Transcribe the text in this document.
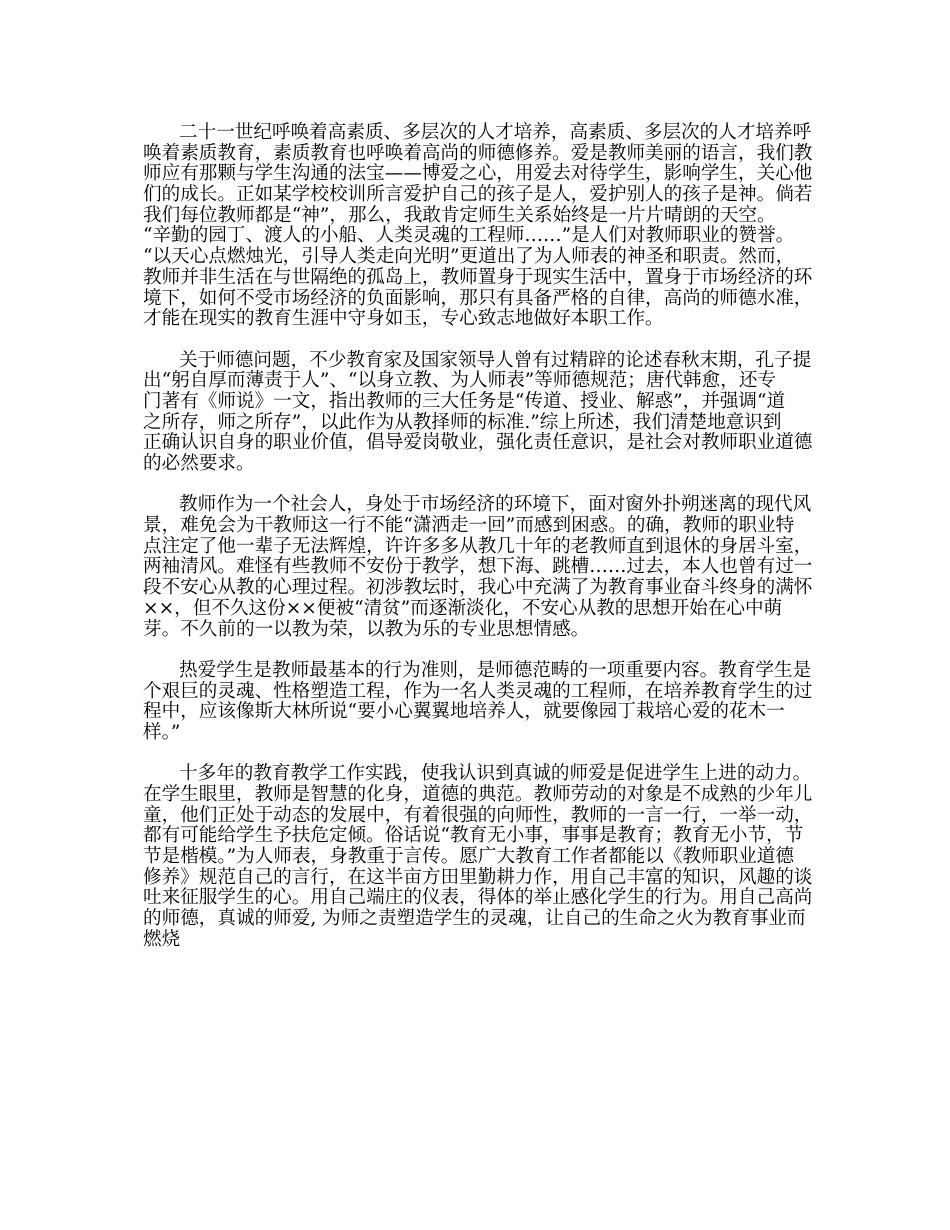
二十一世纪呼唤着高素质、多层次的人才培养，高素质、多层次的人才培养呼
唤着素质教育，素质教育也呼唤着高尚的师德修养。爱是教师美丽的语言，我们教
师应有那颗与学生沟通的法宝——博爱之心，用爱去对待学生，影响学生，关心他
们的成长。正如某学校校训所言爱护自己的孩子是人，爱护别人的孩子是神。倘若
我们每位教师都是“神”，那么，我敢肯定师生关系始终是一片片晴朗的天空。
“辛勤的园丁、渡人的小船、人类灵魂的工程师……”是人们对教师职业的赞誉。
“以天心点燃烛光，引导人类走向光明”更道出了为人师表的神圣和职责。然而，
教师并非生活在与世隔绝的孤岛上，教师置身于现实生活中，置身于市场经济的环
境下，如何不受市场经济的负面影响，那只有具备严格的自律，高尚的师德水准，
才能在现实的教育生涯中守身如玉，专心致志地做好本职工作。
关于师德问题，不少教育家及国家领导人曾有过精辟的论述春秋末期，孔子提
出“躬自厚而薄责于人”、“以身立教、为人师表”等师德规范；唐代韩愈，还专
门著有《师说》一文，指出教师的三大任务是“传道、授业、解惑”，并强调“道
之所存，师之所存”，以此作为从教择师的标准.”综上所述，我们清楚地意识到
正确认识自身的职业价值，倡导爱岗敬业，强化责任意识，是社会对教师职业道德
的必然要求。
教师作为一个社会人，身处于市场经济的环境下，面对窗外扑朔迷离的现代风
景，难免会为干教师这一行不能“潇洒走一回”而感到困惑。的确，教师的职业特
点注定了他一辈子无法辉煌，许许多多从教几十年的老教师直到退休的身居斗室，
两袖清风。难怪有些教师不安份于教学，想下海、跳槽……过去，本人也曾有过一
段不安心从教的心理过程。初涉教坛时，我心中充满了为教育事业奋斗终身的满怀
××，但不久这份××便被“清贫”而逐渐淡化，不安心从教的思想开始在心中萌
芽。不久前的一以教为荣，以教为乐的专业思想情感。
热爱学生是教师最基本的行为准则，是师德范畴的一项重要内容。教育学生是
个艰巨的灵魂、性格塑造工程，作为一名人类灵魂的工程师，在培养教育学生的过
程中，应该像斯大林所说“要小心翼翼地培养人，就要像园丁栽培心爱的花木一
样。”
十多年的教育教学工作实践，使我认识到真诚的师爱是促进学生上进的动力。
在学生眼里，教师是智慧的化身，道德的典范。教师劳动的对象是不成熟的少年儿
童，他们正处于动态的发展中，有着很强的向师性，教师的一言一行，一举一动，
都有可能给学生予扶危定倾。俗话说“教育无小事，事事是教育；教育无小节，节
节是楷模。”为人师表，身教重于言传。愿广大教育工作者都能以《教师职业道德
修养》规范自己的言行，在这半亩方田里勤耕力作，用自己丰富的知识，风趣的谈
吐来征服学生的心。用自己端庄的仪表，得体的举止感化学生的行为。用自己高尚
的师德，真诚的师爱, 为师之责塑造学生的灵魂，让自己的生命之火为教育事业而
燃烧
